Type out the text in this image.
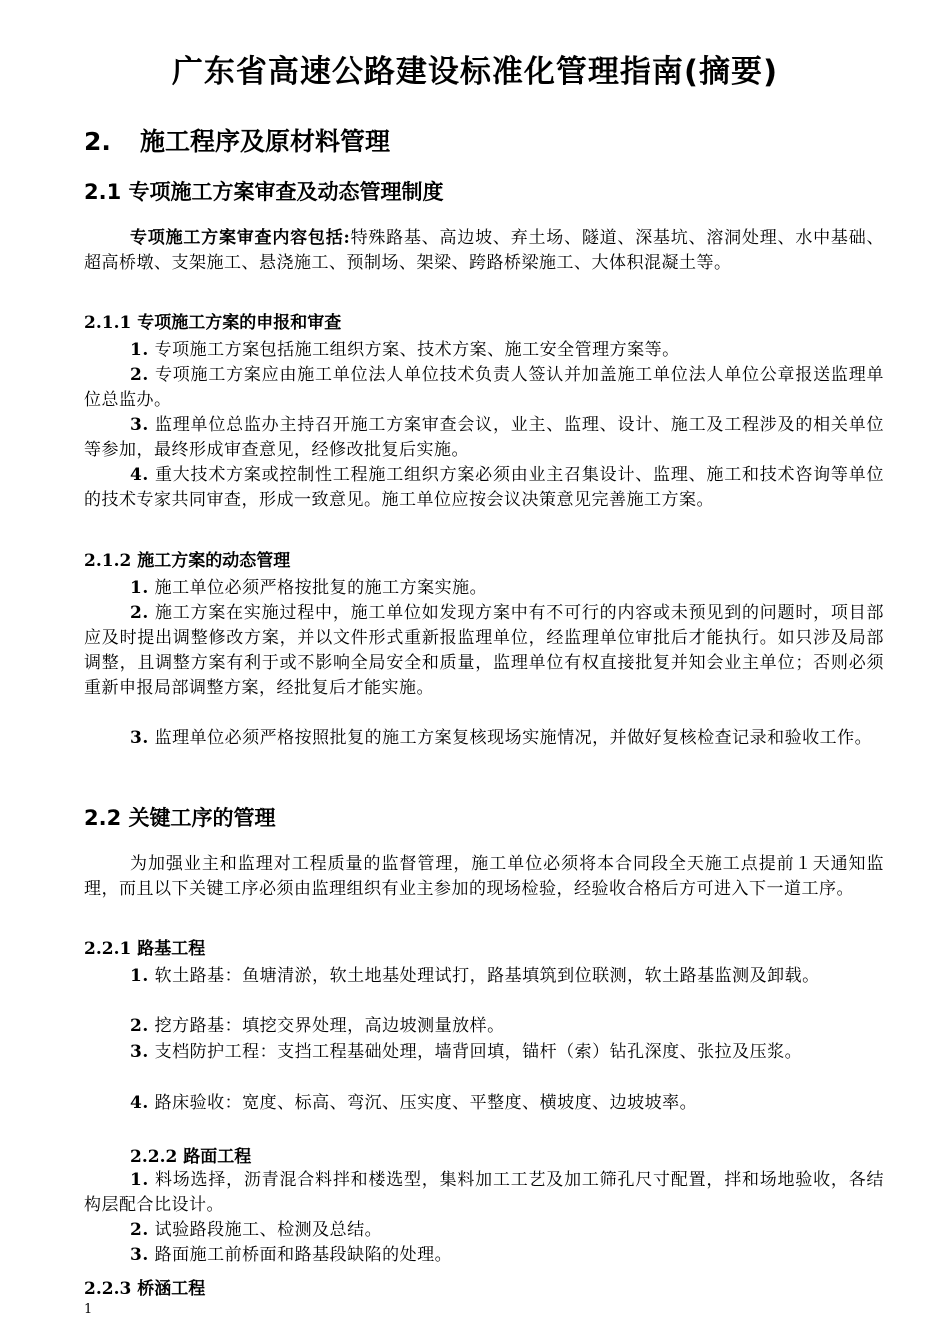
广东省高速公路建设标准化管理指南(摘要)
2. 施工程序及原材料管理
2.1 专项施工方案审查及动态管理制度
专项施工方案审查内容包括:特殊路基、高边坡、弃土场、隧道、深基坑、溶洞处理、水中基础、超高桥墩、支架施工、悬浇施工、预制场、架梁、跨路桥梁施工、大体积混凝土等。
2.1.1 专项施工方案的申报和审查
1. 专项施工方案包括施工组织方案、技术方案、施工安全管理方案等。
2. 专项施工方案应由施工单位法人单位技术负责人签认并加盖施工单位法人单位公章报送监理单位总监办。
3. 监理单位总监办主持召开施工方案审查会议，业主、监理、设计、施工及工程涉及的相关单位等参加，最终形成审查意见，经修改批复后实施。
4. 重大技术方案或控制性工程施工组织方案必须由业主召集设计、监理、施工和技术咨询等单位的技术专家共同审查，形成一致意见。施工单位应按会议决策意见完善施工方案。
2.1.2 施工方案的动态管理
1. 施工单位必须严格按批复的施工方案实施。
2. 施工方案在实施过程中，施工单位如发现方案中有不可行的内容或未预见到的问题时，项目部应及时提出调整修改方案，并以文件形式重新报监理单位，经监理单位审批后才能执行。如只涉及局部调整，且调整方案有利于或不影响全局安全和质量，监理单位有权直接批复并知会业主单位；否则必须重新申报局部调整方案，经批复后才能实施。
3. 监理单位必须严格按照批复的施工方案复核现场实施情况，并做好复核检查记录和验收工作。
2.2 关键工序的管理
为加强业主和监理对工程质量的监督管理，施工单位必须将本合同段全天施工点提前１天通知监理，而且以下关键工序必须由监理组织有业主参加的现场检验，经验收合格后方可进入下一道工序。
2.2.1 路基工程
1. 软土路基：鱼塘清淤，软土地基处理试打，路基填筑到位联测，软土路基监测及卸载。
2. 挖方路基：填挖交界处理，高边坡测量放样。
3. 支档防护工程：支挡工程基础处理，墙背回填，锚杆（索）钻孔深度、张拉及压浆。
4. 路床验收：宽度、标高、弯沉、压实度、平整度、横坡度、边坡坡率。
2.2.2 路面工程
1. 料场选择，沥青混合料拌和楼选型，集料加工工艺及加工筛孔尺寸配置，拌和场地验收，各结构层配合比设计。
2. 试验路段施工、检测及总结。
3. 路面施工前桥面和路基段缺陷的处理。
2.2.3 桥涵工程
1
